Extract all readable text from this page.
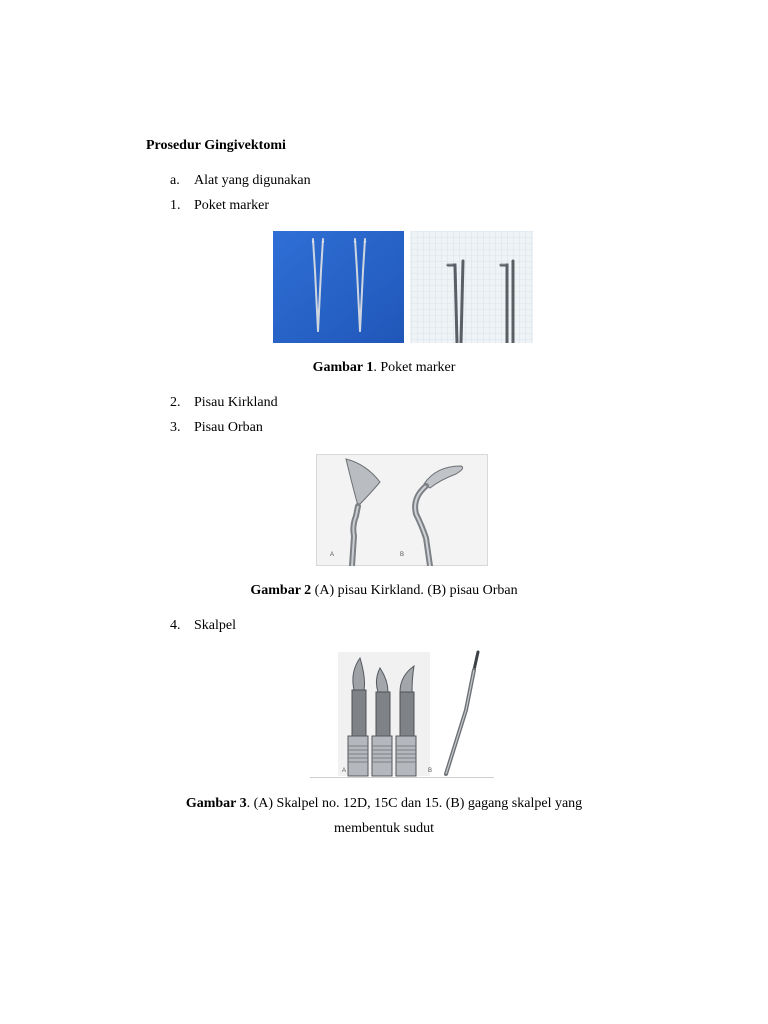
Prosedur Gingivektomi
a. Alat yang digunakan
1. Poket marker
Gambar 1. Poket marker
2. Pisau Kirkland
3. Pisau Orban
A	B
Gambar 2 (A) pisau Kirkland. (B) pisau Orban
4. Skalpel
A	B
Gambar 3. (A) Skalpel no. 12D, 15C dan 15. (B) gagang skalpel yang
membentuk sudut
